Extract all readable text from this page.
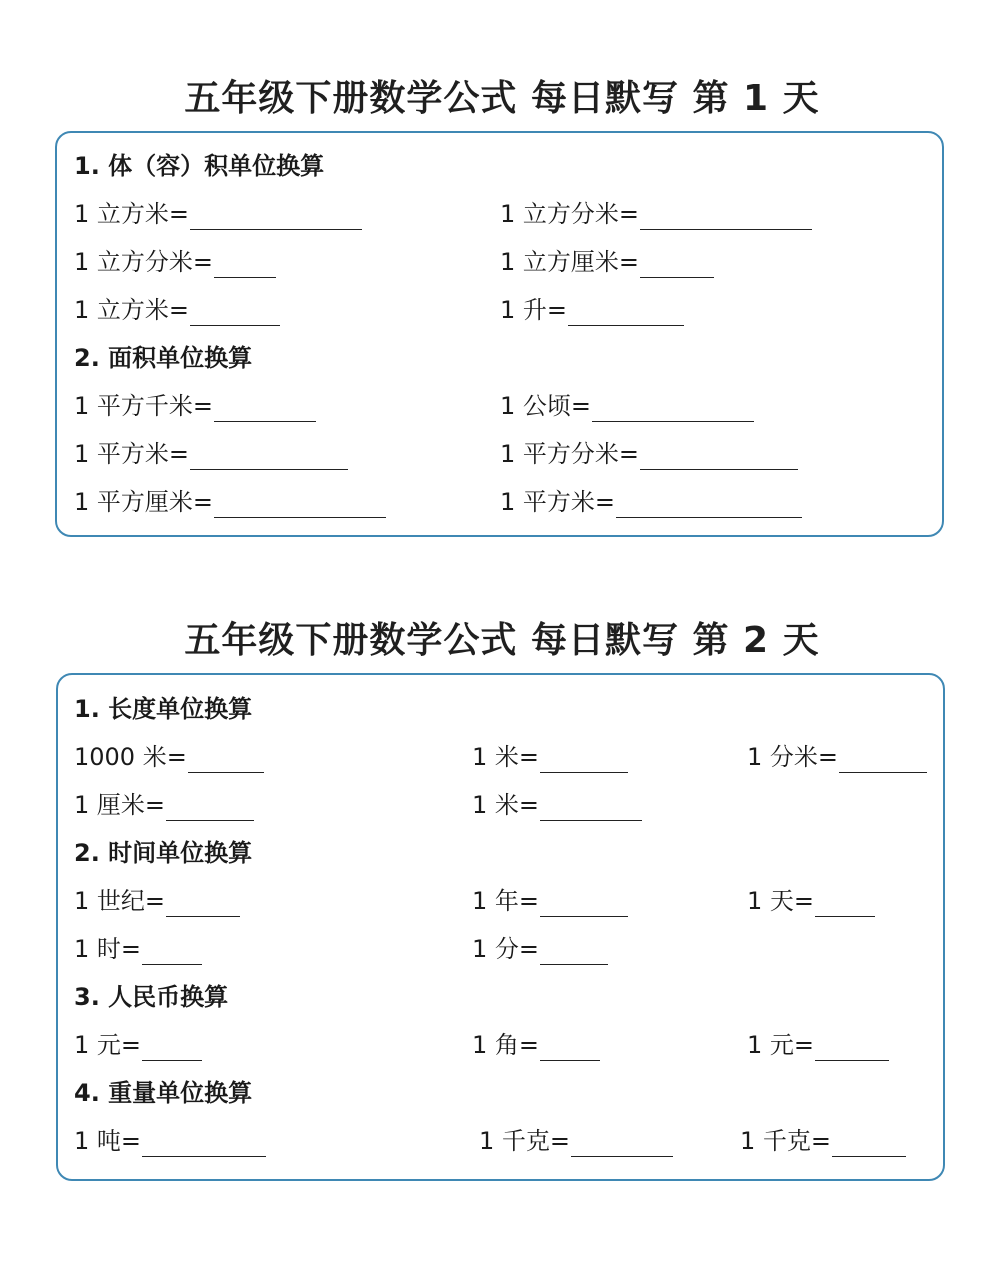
五年级下册数学公式 每日默写 第 1 天
1. 体（容）积单位换算
1 立方米=	1 立方分米=
1 立方分米=	1 立方厘米=
1 立方米=	1 升=
2. 面积单位换算
1 平方千米=	1 公顷=
1 平方米=	1 平方分米=
1 平方厘米=	1 平方米=
五年级下册数学公式 每日默写 第 2 天
1. 长度单位换算
1000 米=	1 米=	1 分米=
1 厘米=	1 米=
2. 时间单位换算
1 世纪=	1 年=	1 天=
1 时=	1 分=
3. 人民币换算
1 元=	1 角=	1 元=
4. 重量单位换算
1 吨=	1 千克=	1 千克=
